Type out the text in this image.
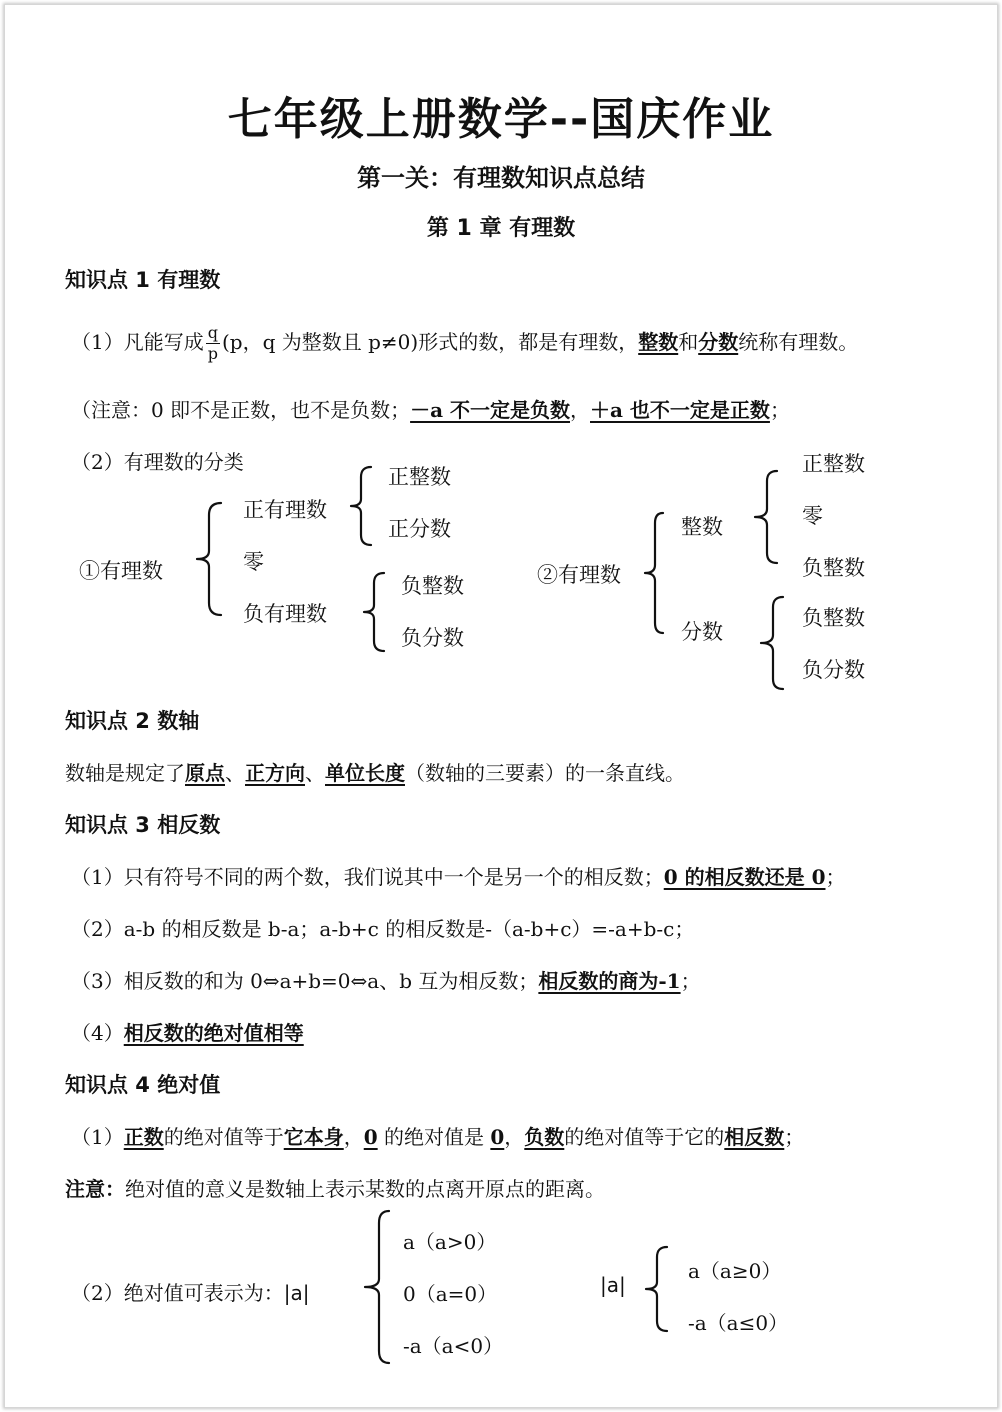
七年级上册数学--国庆作业
第一关：有理数知识点总结
第 1 章 有理数
知识点 1 有理数
（1）凡能写成 $\frac{q}{p} (p$，q 为整数且 p≠0)形式的数，都是有理数，整数和分数统称有理数。
（注意：0 即不是正数，也不是负数；－a 不一定是负数，＋a 也不一定是正数；
（2）有理数的分类
①有理数
正有理数
零
负有理数
正整数
正分数
负整数
负分数
②有理数
整数
分数
正整数
零
负整数
负整数
负分数
知识点 2 数轴
数轴是规定了原点、正方向、单位长度（数轴的三要素）的一条直线。
知识点 3 相反数
（1）只有符号不同的两个数，我们说其中一个是另一个的相反数；0 的相反数还是 0；
（2）a-b 的相反数是 b-a；a-b+c 的相反数是-（a-b+c）=-a+b-c；
（3）相反数的和为 0⇔a+b=0⇔a、b 互为相反数；相反数的商为-1；
（4）相反数的绝对值相等
知识点 4 绝对值
（1）正数的绝对值等于它本身，0 的绝对值是 0，负数的绝对值等于它的相反数；
注意：绝对值的意义是数轴上表示某数的点离开原点的距离。
（2）绝对值可表示为：|a|
a（a>0）
0（a=0）
-a（a<0）
|a|
a（a≥0）
-a（a≤0）
